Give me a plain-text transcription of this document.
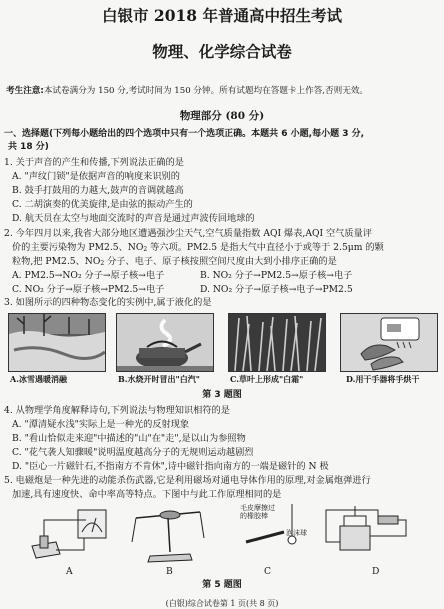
白银市 2018 年普通高中招生考试
物理、化学综合试卷
考生注意:本试卷满分为 150 分,考试时间为 150 分钟。所有试题均在答题卡上作答,否则无效。
物理部分 (80 分)
一、选择题(下列每小题给出的四个选项中只有一个选项正确。本题共 6 小题,每小题 3 分,
共 18 分)
1. 关于声音的产生和传播,下列说法正确的是
A. "声纹门锁"是依据声音的响度来识别的
B. 鼓手打鼓用的力越大,鼓声的音调就越高
C. 二胡演奏的优美旋律,是由弦的振动产生的
D. 航天员在太空与地面交流时的声音是通过声波传回地球的
2. 今年四月以来,我省大部分地区遭遇强沙尘天气,空气质量指数 AQI 爆表,AQI 空气质量评
价的主要污染物为 PM2.5、NO2 等六项。PM2.5 是指大气中直径小于或等于 2.5μm 的颗
粒物,把 PM2.5、NO2 分子、电子、原子核按照空间尺度由大到小排序正确的是
A. PM2.5→NO₂ 分子→原子核→电子	B. NO₂ 分子→PM2.5→原子核→电子
C. NO₂ 分子→原子核→PM2.5→电子	D. NO₂ 分子→原子核→电子→PM2.5
3. 如图所示的四种物态变化的实例中,属于液化的是
A.冰雪遇暖消融	B.水烧开时冒出"白汽"	C.草叶上形成"白霜"	D.用干手器将手烘干
第 3 题图
4. 从物理学角度解释诗句,下列说法与物理知识相符的是
A. "潭清疑水浅"实际上是一种光的反射现象
B. "看山恰似走来迎"中描述的"山"在"走",是以山为参照物
C. "花气袭人知骤暖"说明温度越高分子的无规则运动越剧烈
D. "臣心一片磁针石,不指南方不肯休",诗中磁针指向南方的一端是磁针的 N 极
5. 电磁炮是一种先进的动能杀伤武器,它是利用磁场对通电导体作用的原理,对金属炮弹进行
加速,具有速度快、命中率高等特点。下图中与此工作原理相同的是
毛皮摩擦过
的橡胶棒
泡沫球
A	B	C	D
第 5 题图
(白银)综合试卷第 1 页(共 8 页)
